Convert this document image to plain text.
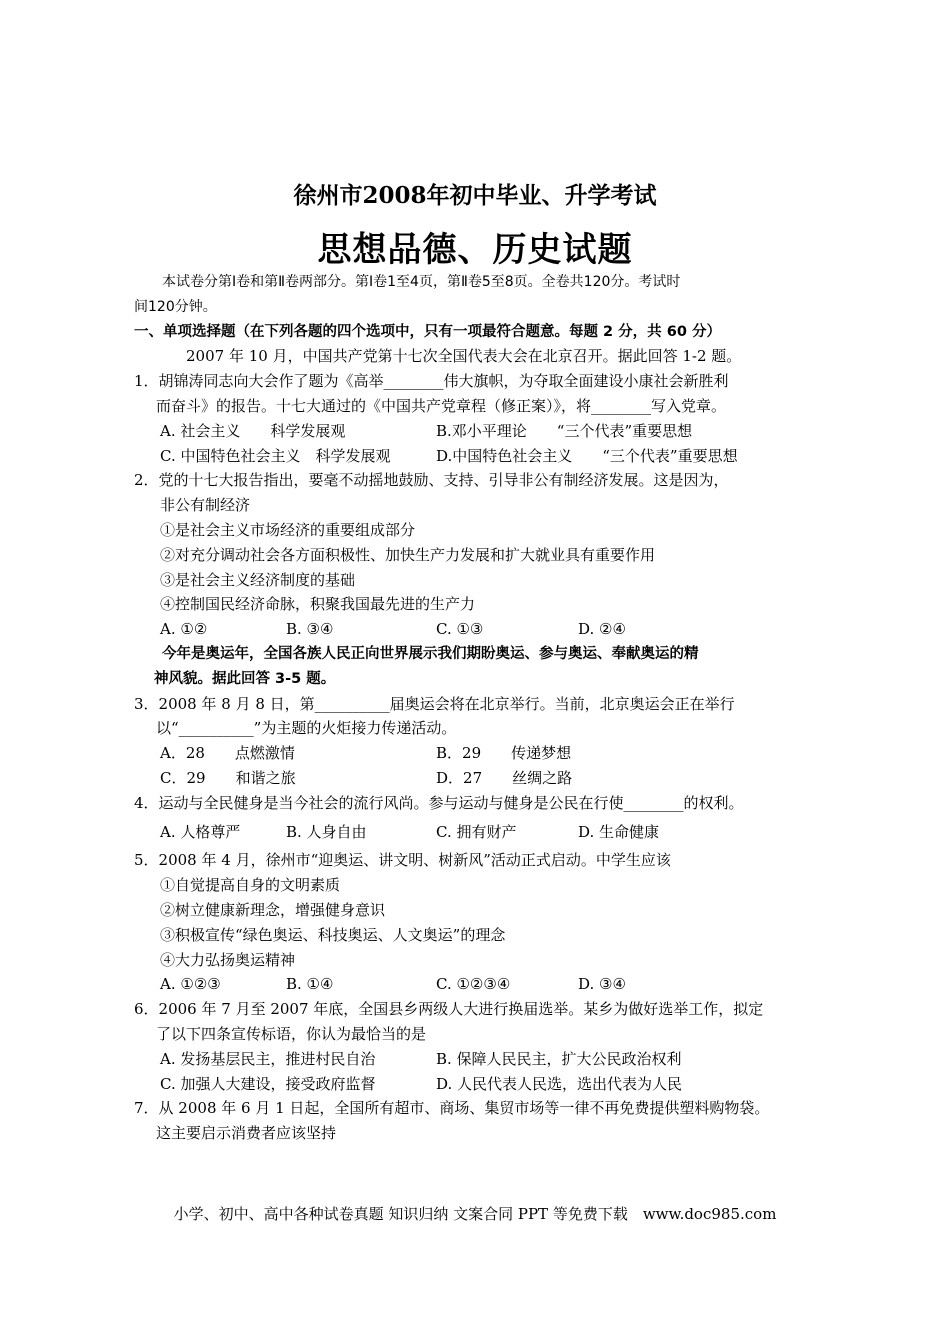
徐州市2008年初中毕业、升学考试
思想品德、历史试题
本试卷分第Ⅰ卷和第Ⅱ卷两部分。第Ⅰ卷1至4页，第Ⅱ卷5至8页。全卷共120分。考试时
间120分钟。
一、单项选择题（在下列各题的四个选项中，只有一项最符合题意。每题 2 分，共 60 分）
2007 年 10 月，中国共产党第十七次全国代表大会在北京召开。据此回答 1-2 题。
1．胡锦涛同志向大会作了题为《高举________伟大旗帜，为夺取全面建设小康社会新胜利
而奋斗》的报告。十七大通过的《中国共产党章程（修正案）》，将________写入党章。
A. 社会主义　　科学发展观	B.邓小平理论　　“三个代表”重要思想
C. 中国特色社会主义　科学发展观	D.中国特色社会主义　　“三个代表”重要思想
2．党的十七大报告指出，要毫不动摇地鼓励、支持、引导非公有制经济发展。这是因为，
非公有制经济
①是社会主义市场经济的重要组成部分
②对充分调动社会各方面积极性、加快生产力发展和扩大就业具有重要作用
③是社会主义经济制度的基础
④控制国民经济命脉，积聚我国最先进的生产力
A. ①②	B. ③④	C. ①③	D. ②④
今年是奥运年，全国各族人民正向世界展示我们期盼奥运、参与奥运、奉献奥运的精
神风貌。据此回答 3-5 题。
3．2008 年 8 月 8 日，第__________届奥运会将在北京举行。当前，北京奥运会正在举行
以“__________”为主题的火炬接力传递活动。
A．28　　点燃激情	B．29　　传递梦想
C．29　　和谐之旅	D．27　　丝绸之路
4．运动与全民健身是当今社会的流行风尚。参与运动与健身是公民在行使________的权利。
A. 人格尊严	B. 人身自由	C. 拥有财产	D. 生命健康
5．2008 年 4 月，徐州市“迎奥运、讲文明、树新风”活动正式启动。中学生应该
①自觉提高自身的文明素质
②树立健康新理念，增强健身意识
③积极宣传“绿色奥运、科技奥运、人文奥运”的理念
④大力弘扬奥运精神
A. ①②③	B. ①④	C. ①②③④	D. ③④
6．2006 年 7 月至 2007 年底，全国县乡两级人大进行换届选举。某乡为做好选举工作，拟定
了以下四条宣传标语，你认为最恰当的是
A. 发扬基层民主，推进村民自治	B. 保障人民民主，扩大公民政治权利
C. 加强人大建设，接受政府监督	D. 人民代表人民选，选出代表为人民
7．从 2008 年 6 月 1 日起，全国所有超市、商场、集贸市场等一律不再免费提供塑料购物袋。
这主要启示消费者应该坚持
小学、初中、高中各种试卷真题 知识归纳 文案合同 PPT 等免费下载　www.doc985.com
